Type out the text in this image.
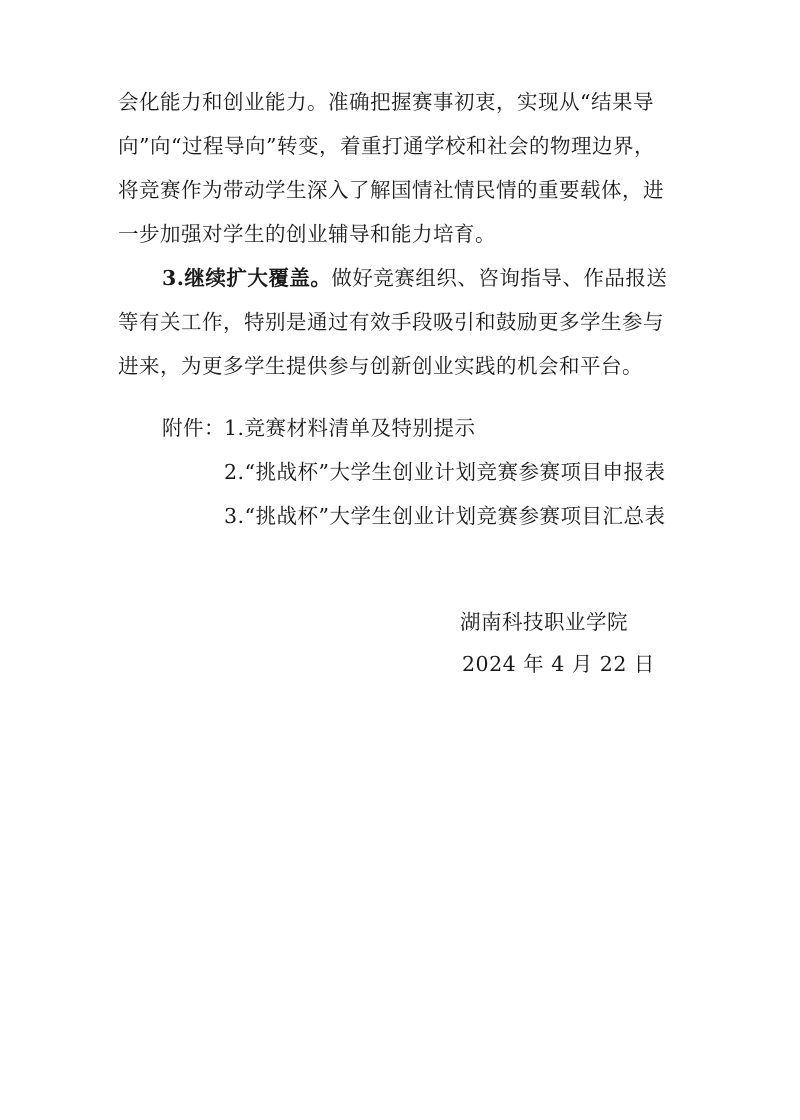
会化能力和创业能力。准确把握赛事初衷，实现从“结果导
向”向“过程导向”转变，着重打通学校和社会的物理边界，
将竞赛作为带动学生深入了解国情社情民情的重要载体，进
一步加强对学生的创业辅导和能力培育。
3.继续扩大覆盖。做好竞赛组织、咨询指导、作品报送
等有关工作，特别是通过有效手段吸引和鼓励更多学生参与
进来，为更多学生提供参与创新创业实践的机会和平台。
附件： 1.竞赛材料清单及特别提示
2.“挑战杯”大学生创业计划竞赛参赛项目申报表
3.“挑战杯”大学生创业计划竞赛参赛项目汇总表
湖南科技职业学院
2024 年 4 月 22 日
